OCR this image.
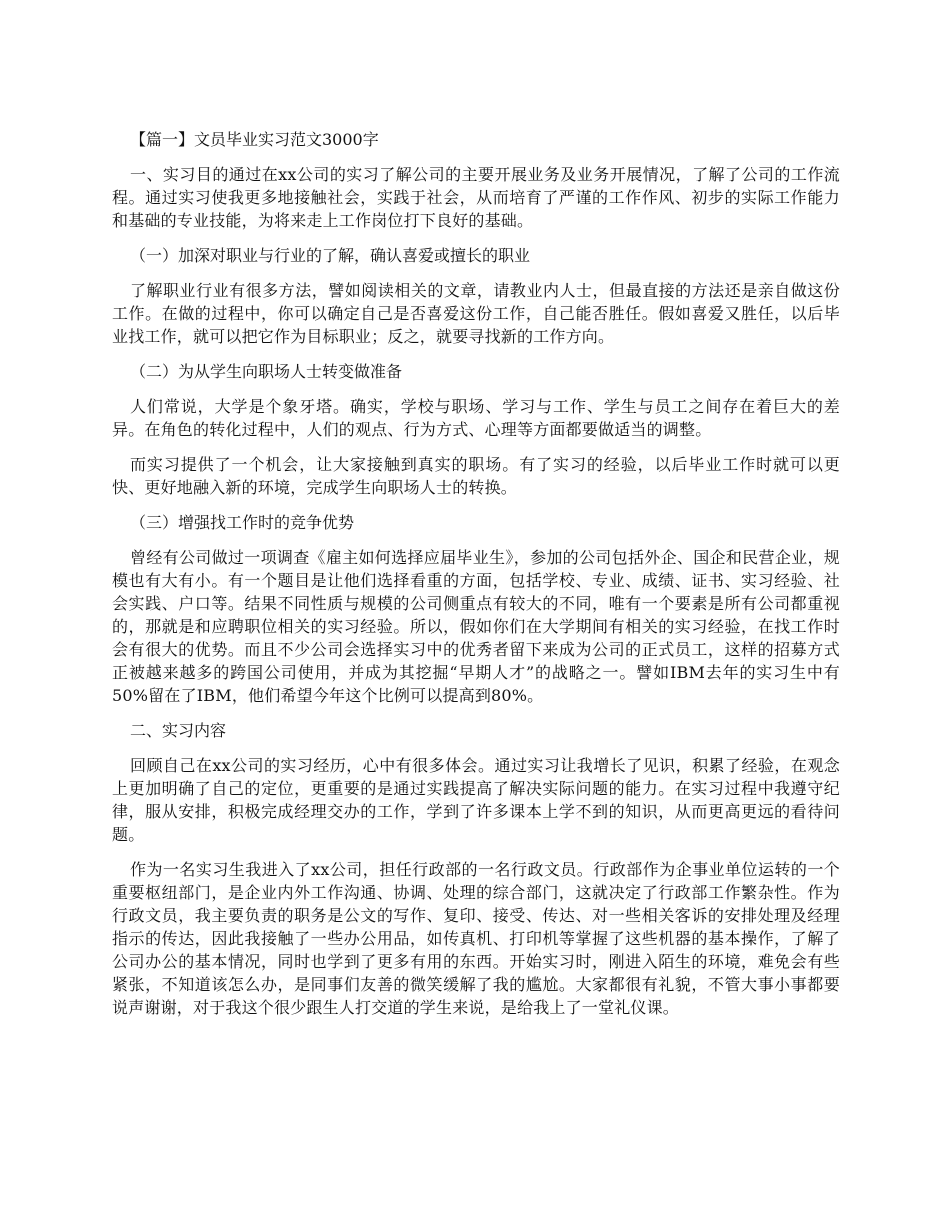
【篇一】文员毕业实习范文3000字

一、实习目的通过在xx公司的实习了解公司的主要开展业务及业务开展情况，了解了公司的工作流程。通过实习使我更多地接触社会，实践于社会，从而培育了严谨的工作作风、初步的实际工作能力和基础的专业技能，为将来走上工作岗位打下良好的基础。

（一）加深对职业与行业的了解，确认喜爱或擅长的职业

了解职业行业有很多方法，譬如阅读相关的文章，请教业内人士，但最直接的方法还是亲自做这份工作。在做的过程中，你可以确定自己是否喜爱这份工作，自己能否胜任。假如喜爱又胜任，以后毕业找工作，就可以把它作为目标职业；反之，就要寻找新的工作方向。

（二）为从学生向职场人士转变做准备

人们常说，大学是个象牙塔。确实，学校与职场、学习与工作、学生与员工之间存在着巨大的差异。在角色的转化过程中，人们的观点、行为方式、心理等方面都要做适当的调整。

而实习提供了一个机会，让大家接触到真实的职场。有了实习的经验，以后毕业工作时就可以更快、更好地融入新的环境，完成学生向职场人士的转换。

（三）增强找工作时的竞争优势

曾经有公司做过一项调查《雇主如何选择应届毕业生》，参加的公司包括外企、国企和民营企业，规模也有大有小。有一个题目是让他们选择看重的方面，包括学校、专业、成绩、证书、实习经验、社会实践、户口等。结果不同性质与规模的公司侧重点有较大的不同，唯有一个要素是所有公司都重视的，那就是和应聘职位相关的实习经验。所以，假如你们在大学期间有相关的实习经验，在找工作时会有很大的优势。而且不少公司会选择实习中的优秀者留下来成为公司的正式员工，这样的招募方式正被越来越多的跨国公司使用，并成为其挖掘“早期人才”的战略之一。譬如IBM去年的实习生中有50%留在了IBM，他们希望今年这个比例可以提高到80%。

二、实习内容

回顾自己在xx公司的实习经历，心中有很多体会。通过实习让我增长了见识，积累了经验，在观念上更加明确了自己的定位，更重要的是通过实践提高了解决实际问题的能力。在实习过程中我遵守纪律，服从安排，积极完成经理交办的工作，学到了许多课本上学不到的知识，从而更高更远的看待问题。

作为一名实习生我进入了xx公司，担任行政部的一名行政文员。行政部作为企事业单位运转的一个重要枢纽部门，是企业内外工作沟通、协调、处理的综合部门，这就决定了行政部工作繁杂性。作为行政文员，我主要负责的职务是公文的写作、复印、接受、传达、对一些相关客诉的安排处理及经理指示的传达，因此我接触了一些办公用品，如传真机、打印机等掌握了这些机器的基本操作，了解了公司办公的基本情况，同时也学到了更多有用的东西。开始实习时，刚进入陌生的环境，难免会有些紧张，不知道该怎么办，是同事们友善的微笑缓解了我的尴尬。大家都很有礼貌，不管大事小事都要说声谢谢，对于我这个很少跟生人打交道的学生来说，是给我上了一堂礼仪课。
